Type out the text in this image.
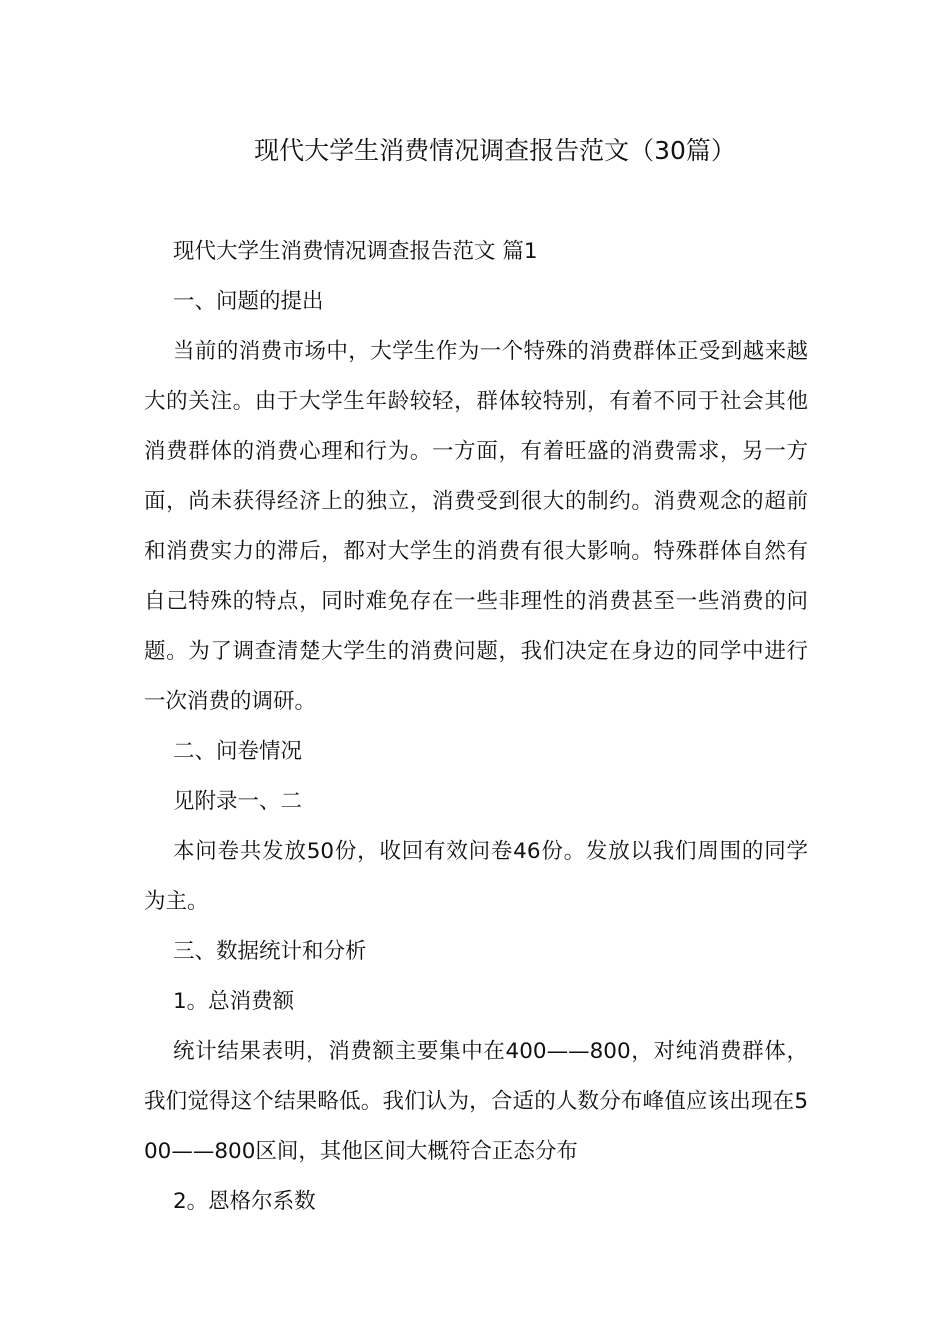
现代大学生消费情况调查报告范文（30篇）

现代大学生消费情况调查报告范文 篇1

一、问题的提出

当前的消费市场中，大学生作为一个特殊的消费群体正受到越来越大的关注。由于大学生年龄较轻，群体较特别，有着不同于社会其他消费群体的消费心理和行为。一方面，有着旺盛的消费需求，另一方面，尚未获得经济上的独立，消费受到很大的制约。消费观念的超前和消费实力的滞后，都对大学生的消费有很大影响。特殊群体自然有自己特殊的特点，同时难免存在一些非理性的消费甚至一些消费的问题。为了调查清楚大学生的消费问题，我们决定在身边的同学中进行一次消费的调研。

二、问卷情况

见附录一、二

本问卷共发放50份，收回有效问卷46份。发放以我们周围的同学为主。

三、数据统计和分析

1。总消费额

统计结果表明，消费额主要集中在400——800，对纯消费群体，我们觉得这个结果略低。我们认为，合适的人数分布峰值应该出现在500——800区间，其他区间大概符合正态分布

2。恩格尔系数
